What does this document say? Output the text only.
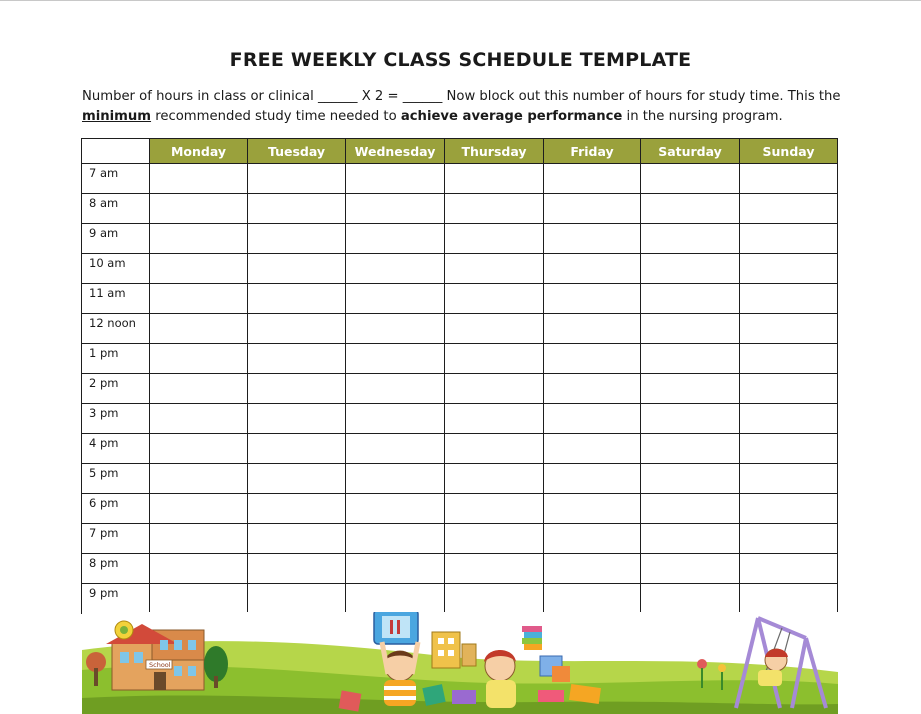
FREE WEEKLY CLASS SCHEDULE TEMPLATE
Number of hours in class or clinical ______ X 2 = ______ Now block out this number of hours for study time. This the minimum recommended study time needed to achieve average performance in the nursing program.
	Monday	Tuesday	Wednesday	Thursday	Friday	Saturday	Sunday
7 am							
8 am							
9 am							
10 am							
11 am							
12 noon							
1 pm							
2 pm							
3 pm							
4 pm							
5 pm							
6 pm							
7 pm							
8 pm							
9 pm							
School
